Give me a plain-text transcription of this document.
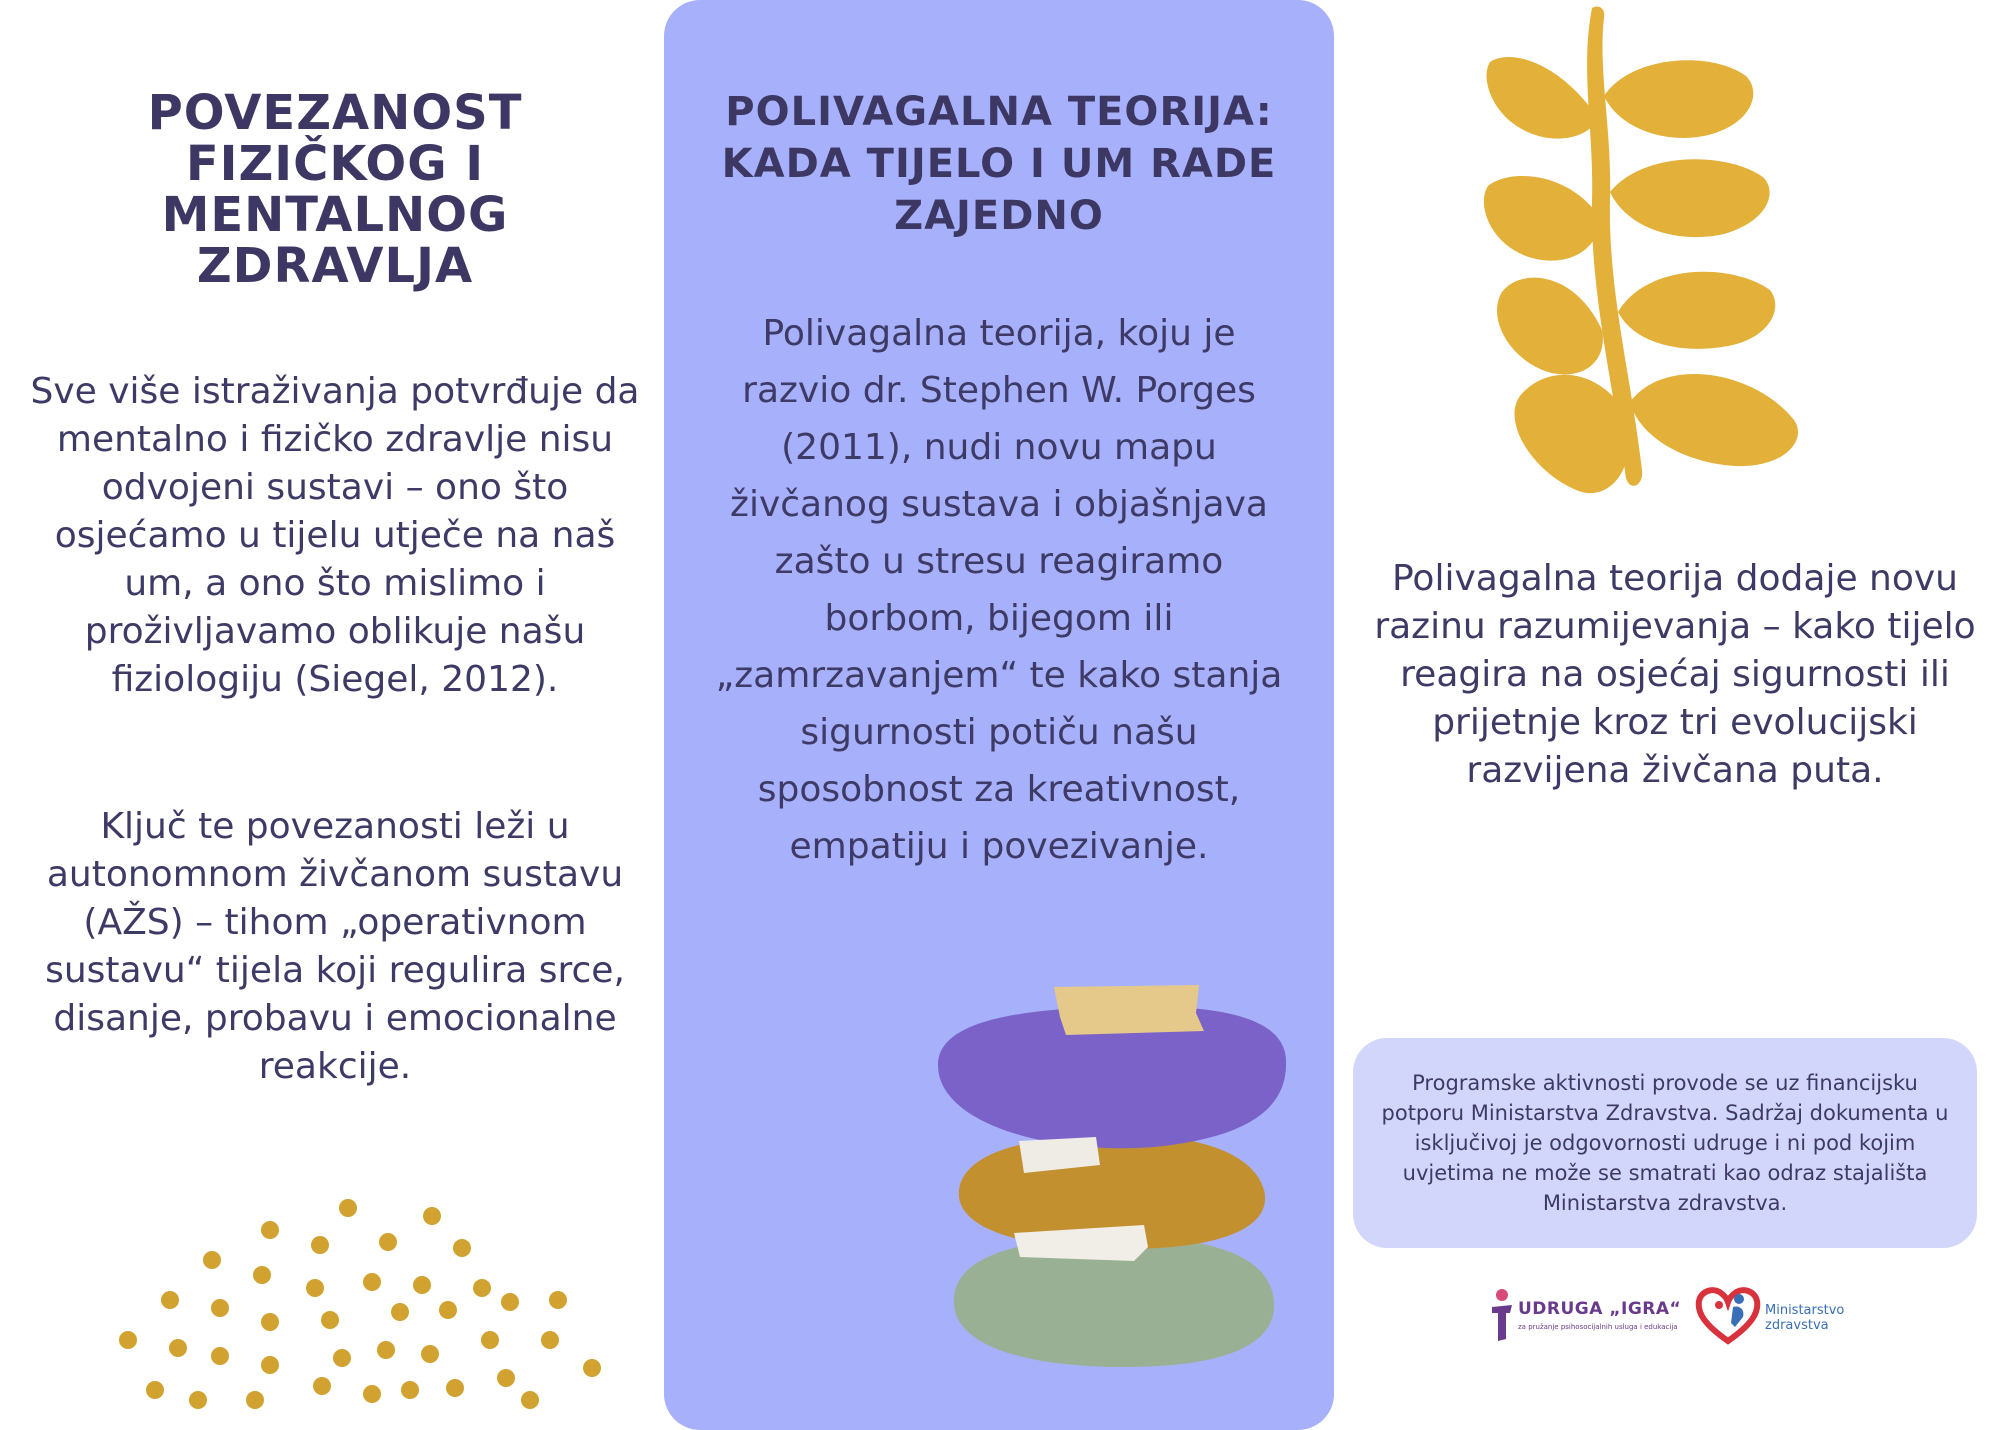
POVEZANOST FIZIČKOG I MENTALNOG ZDRAVLJA

Sve više istraživanja potvrđuje da mentalno i fizičko zdravlje nisu odvojeni sustavi – ono što osjećamo u tijelu utječe na naš um, a ono što mislimo i proživljavamo oblikuje našu fiziologiju (Siegel, 2012).

Ključ te povezanosti leži u autonomnom živčanom sustavu (AŽS) – tihom „operativnom sustavu“ tijela koji regulira srce, disanje, probavu i emocionalne reakcije.

POLIVAGALNA TEORIJA: KADA TIJELO I UM RADE ZAJEDNO

Polivagalna teorija, koju je razvio dr. Stephen W. Porges (2011), nudi novu mapu živčanog sustava i objašnjava zašto u stresu reagiramo borbom, bijegom ili „zamrzavanjem“ te kako stanja sigurnosti potiču našu sposobnost za kreativnost, empatiju i povezivanje.

Polivagalna teorija dodaje novu razinu razumijevanja – kako tijelo reagira na osjećaj sigurnosti ili prijetnje kroz tri evolucijski razvijena živčana puta.

Programske aktivnosti provode se uz financijsku potporu Ministarstva Zdravstva. Sadržaj dokumenta u isključivoj je odgovornosti udruge i ni pod kojim uvjetima ne može se smatrati kao odraz stajališta Ministarstva zdravstva.
UDRUGA „IGRA“
za pružanje psihosocijalnih usluga i edukacija
Ministarstvo
zdravstva
